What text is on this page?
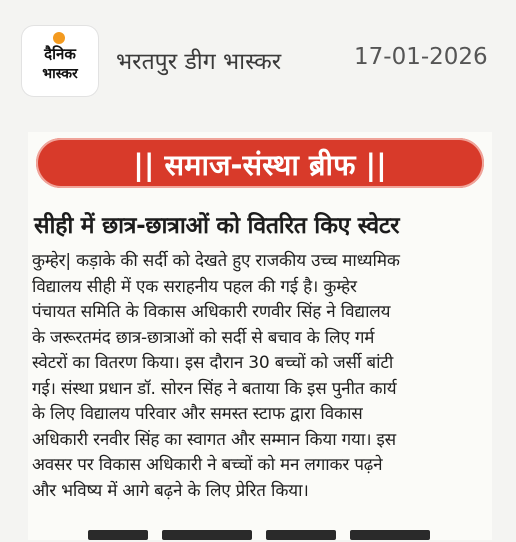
दैनिक
भास्कर	भरतपुर डीग भास्कर	17-01-2026
|| समाज-संस्था ब्रीफ ||
सीही में छात्र-छात्राओं को वितरित किए स्वेटर
कुम्हेर| कड़ाके की सर्दी को देखते हुए राजकीय उच्च माध्यमिक
विद्यालय सीही में एक सराहनीय पहल की गई है। कुम्हेर
पंचायत समिति के विकास अधिकारी रणवीर सिंह ने विद्यालय
के जरूरतमंद छात्र-छात्राओं को सर्दी से बचाव के लिए गर्म
स्वेटरों का वितरण किया। इस दौरान 30 बच्चों को जर्सी बांटी
गई। संस्था प्रधान डॉ. सोरन सिंह ने बताया कि इस पुनीत कार्य
के लिए विद्यालय परिवार और समस्त स्टाफ द्वारा विकास
अधिकारी रनवीर सिंह का स्वागत और सम्मान किया गया। इस
अवसर पर विकास अधिकारी ने बच्चों को मन लगाकर पढ़ने
और भविष्य में आगे बढ़ने के लिए प्रेरित किया।
